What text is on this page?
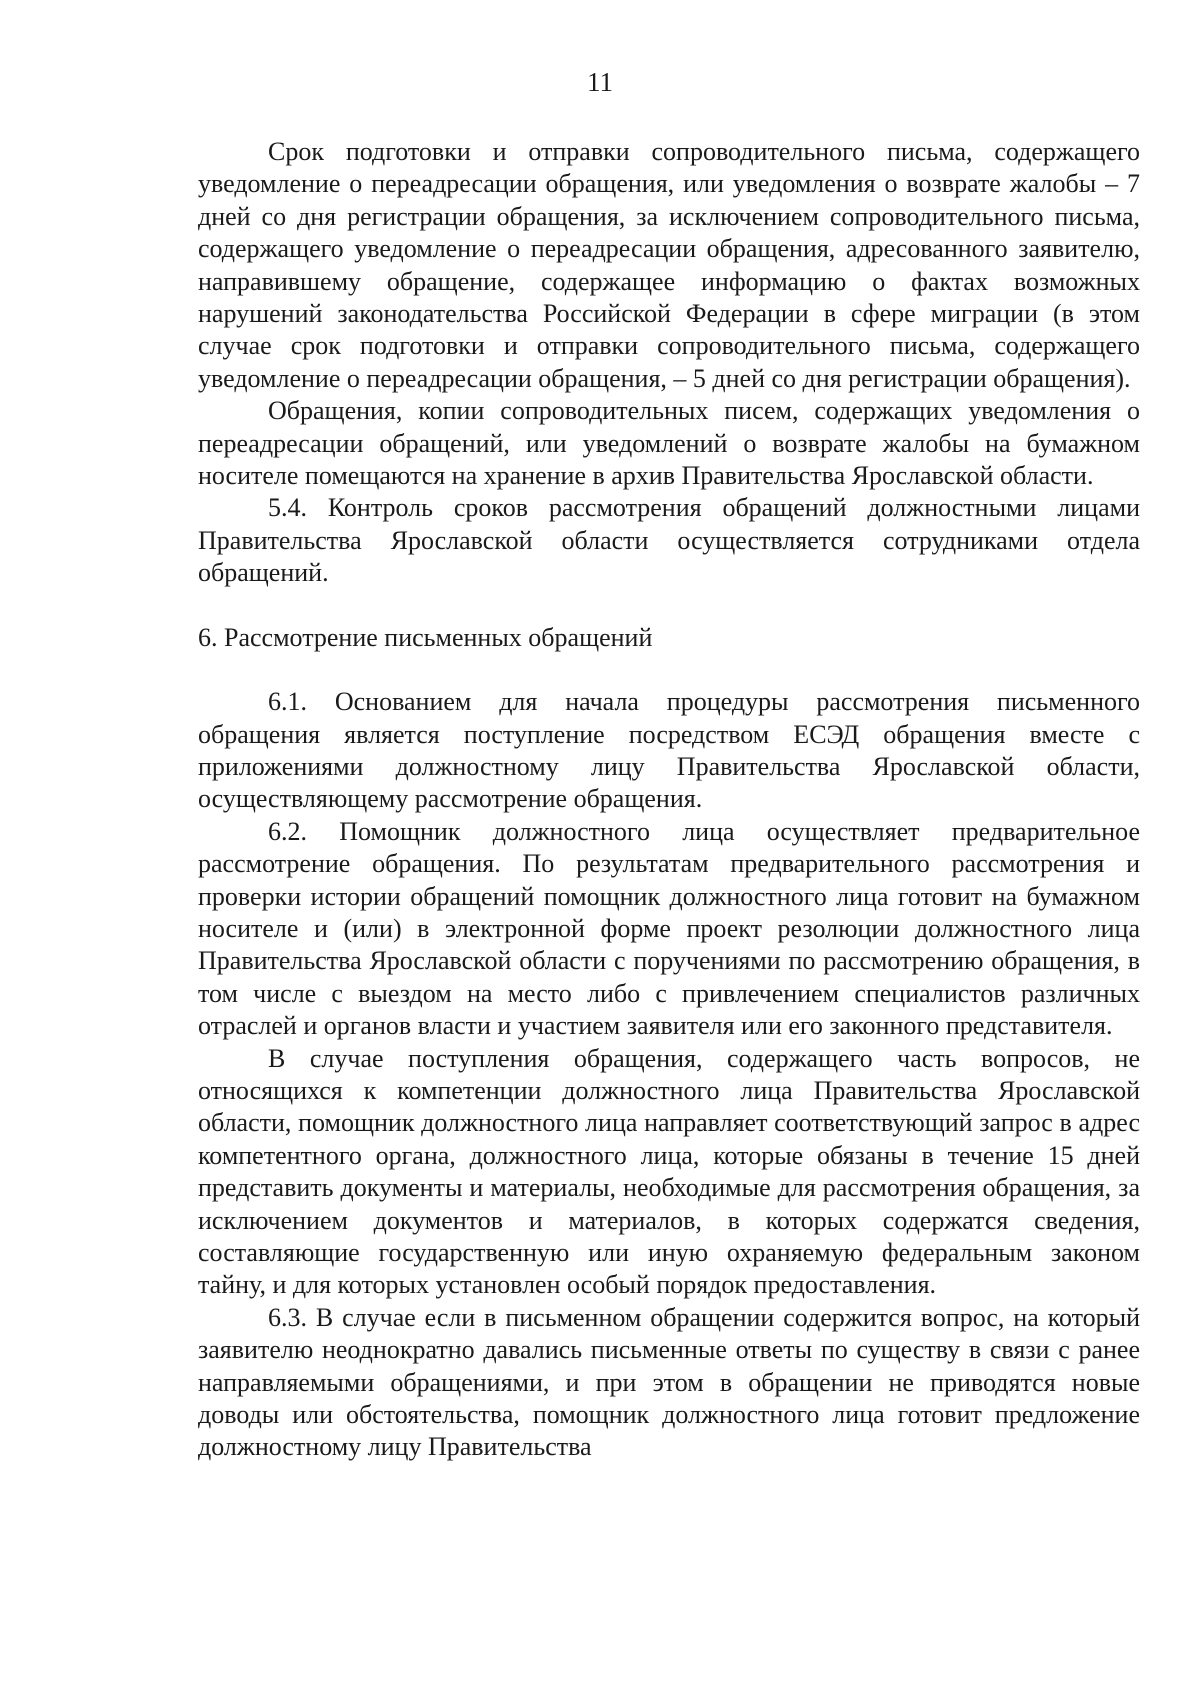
11

Срок подготовки и отправки сопроводительного письма, содержащего уведомление о переадресации обращения, или уведомления о возврате жалобы – 7 дней со дня регистрации обращения, за исключением сопроводительного письма, содержащего уведомление о переадресации обращения, адресованного заявителю, направившему обращение, содержащее информацию о фактах возможных нарушений законодательства Российской Федерации в сфере миграции (в этом случае срок подготовки и отправки сопроводительного письма, содержащего уведомление о переадресации обращения, – 5 дней со дня регистрации обращения).

Обращения, копии сопроводительных писем, содержащих уведомления о переадресации обращений, или уведомлений о возврате жалобы на бумажном носителе помещаются на хранение в архив Правительства Ярославской области.

5.4. Контроль сроков рассмотрения обращений должностными лицами Правительства Ярославской области осуществляется сотрудниками отдела обращений.

6. Рассмотрение письменных обращений

6.1. Основанием для начала процедуры рассмотрения письменного обращения является поступление посредством ЕСЭД обращения вместе с приложениями должностному лицу Правительства Ярославской области, осуществляющему рассмотрение обращения.

6.2. Помощник должностного лица осуществляет предварительное рассмотрение обращения. По результатам предварительного рассмотрения и проверки истории обращений помощник должностного лица готовит на бумажном носителе и (или) в электронной форме проект резолюции должностного лица Правительства Ярославской области с поручениями по рассмотрению обращения, в том числе с выездом на место либо с привлечением специалистов различных отраслей и органов власти и участием заявителя или его законного представителя.

В случае поступления обращения, содержащего часть вопросов, не относящихся к компетенции должностного лица Правительства Ярославской области, помощник должностного лица направляет соответствующий запрос в адрес компетентного органа, должностного лица, которые обязаны в течение 15 дней представить документы и материалы, необходимые для рассмотрения обращения, за исключением документов и материалов, в которых содержатся сведения, составляющие государственную или иную охраняемую федеральным законом тайну, и для которых установлен особый порядок предоставления.

6.3. В случае если в письменном обращении содержится вопрос, на который заявителю неоднократно давались письменные ответы по существу в связи с ранее направляемыми обращениями, и при этом в обращении не приводятся новые доводы или обстоятельства, помощник должностного лица готовит предложение должностному лицу Правительства
